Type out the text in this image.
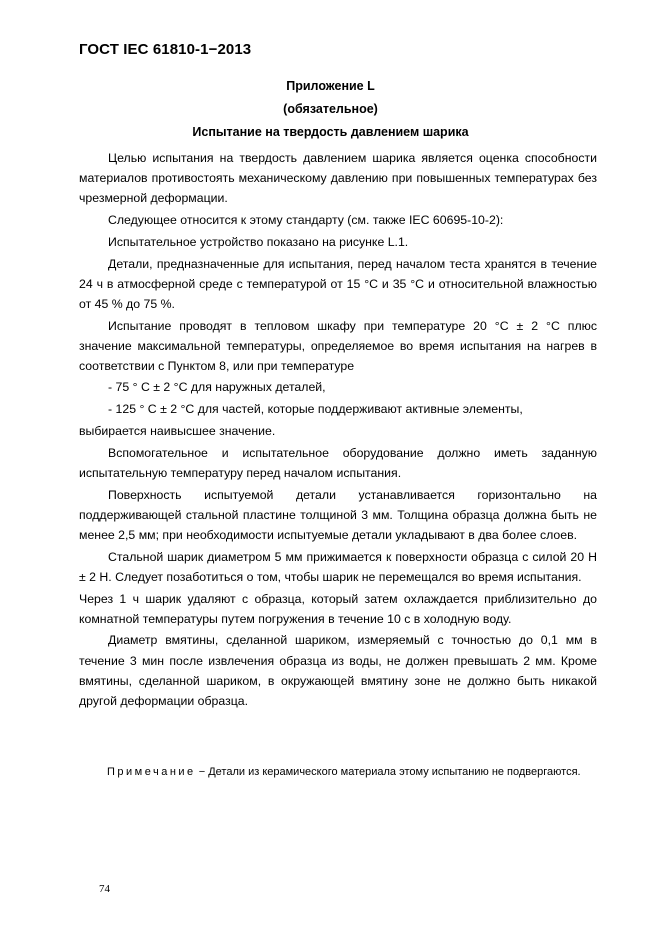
ГОСТ IEC 61810-1−2013
Приложение L
(обязательное)
Испытание на твердость давлением шарика

Целью испытания на твердость давлением шарика является оценка способности материалов противостоять механическому давлению при повышенных температурах без чрезмерной деформации.

Следующее относится к этому стандарту (см. также IEC 60695-10-2):

Испытательное устройство показано на рисунке L.1.

Детали, предназначенные для испытания, перед началом теста хранятся в течение 24 ч в атмосферной среде с температурой от 15 °С и 35 °С и относительной влажностью от 45 % до 75 %.

Испытание проводят в тепловом шкафу при температуре 20 °С ± 2 °С плюс значение максимальной температуры, определяемое во время испытания на нагрев в соответствии с Пунктом 8, или при температуре

- 75 ° С ± 2 °С для наружных деталей,

- 125 ° С ± 2 °С для частей, которые поддерживают активные элементы,

выбирается наивысшее значение.

Вспомогательное и испытательное оборудование должно иметь заданную испытательную температуру перед началом испытания.

Поверхность испытуемой детали устанавливается горизонтально на поддерживающей стальной пластине толщиной 3 мм. Толщина образца должна быть не менее 2,5 мм; при необходимости испытуемые детали укладывают в два более слоев.

Стальной шарик диаметром 5 мм прижимается к поверхности образца с силой 20 Н ± 2 Н. Следует позаботиться о том, чтобы шарик не перемещался во время испытания.

Через 1 ч шарик удаляют с образца, который затем охлаждается приблизительно до комнатной температуры путем погружения в течение 10 с в холодную воду.

Диаметр вмятины, сделанной шариком, измеряемый с точностью до 0,1 мм в течение 3 мин после извлечения образца из воды, не должен превышать 2 мм. Кроме вмятины, сделанной шариком, в окружающей вмятину зоне не должно быть никакой другой деформации образца.

Примечание − Детали из керамического материала этому испытанию не подвергаются.
74
